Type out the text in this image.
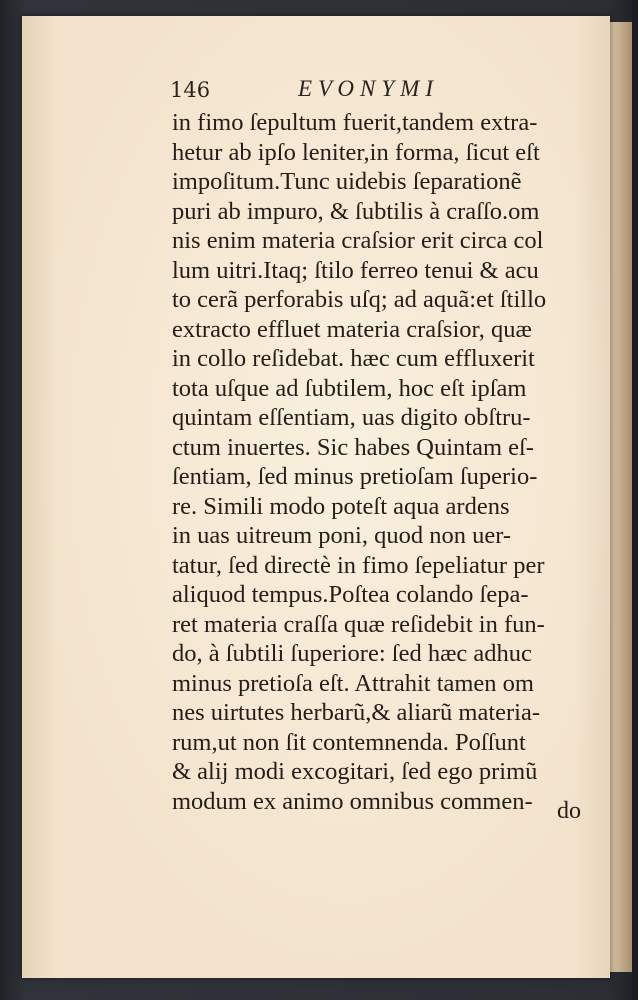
146	EVONYMI
in fimo ſepultum fuerit,tandem extra-
hetur ab ipſo leniter,in forma, ſicut eſt
impoſitum.Tunc uidebis ſeparationẽ
puri ab impuro, & ſubtilis à craſſo.om
nis enim materia craſsior erit circa col
lum uitri.Itaq; ſtilo ferreo tenui & acu
to cerã perforabis uſq; ad aquã:et ſtillo
extracto effluet materia craſsior, quæ
in collo reſidebat. hæc cum effluxerit
tota uſque ad ſubtilem, hoc eſt ipſam
quintam eſſentiam, uas digito obſtru-
ctum inuertes. Sic habes Quintam eſ-
ſentiam, ſed minus pretioſam ſuperio-
re. Simili modo poteſt aqua ardens
in uas uitreum poni, quod non uer-
tatur, ſed directè in fimo ſepeliatur per
aliquod tempus.Poſtea colando ſepa-
ret materia craſſa quæ reſidebit in fun-
do, à ſubtili ſuperiore: ſed hæc adhuc
minus pretioſa eſt. Attrahit tamen om
nes uirtutes herbarũ,& aliarũ materia-
rum,ut non ſit contemnenda. Poſſunt
& alij modi excogitari, ſed ego primũ
modum ex animo omnibus commen-	do
